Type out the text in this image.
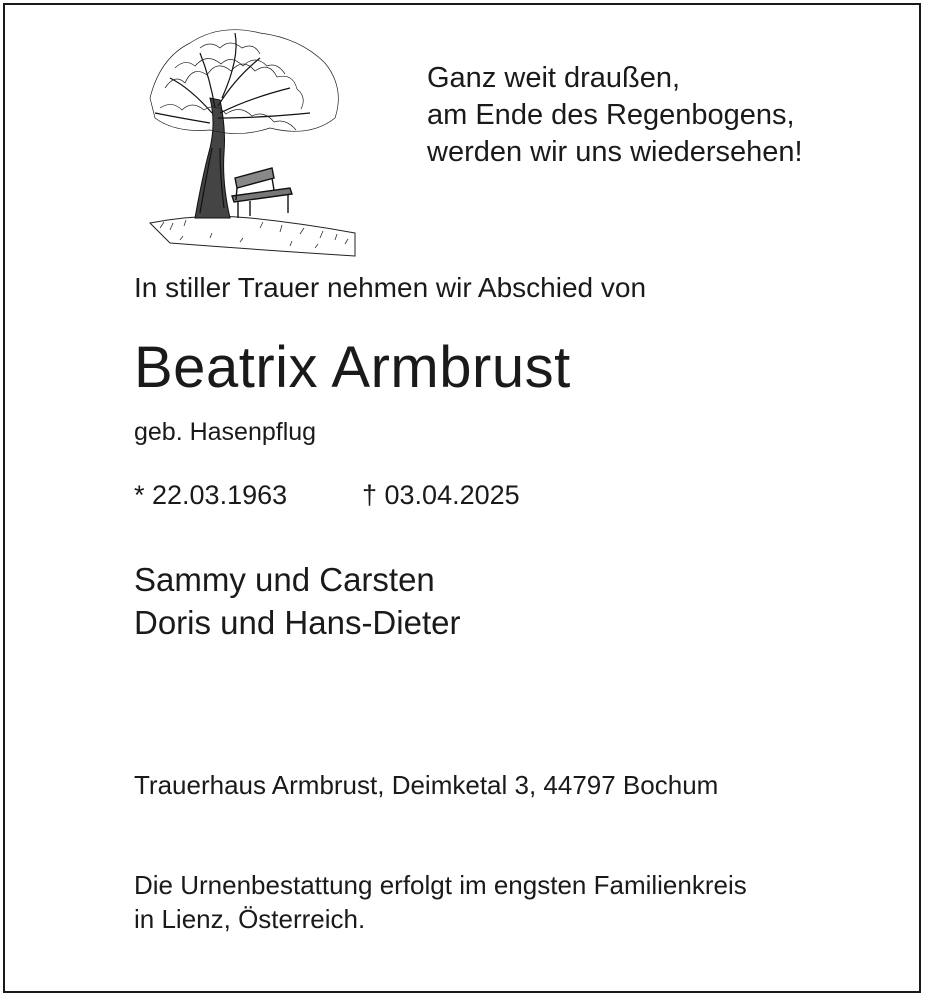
Ganz weit draußen,
am Ende des Regenbogens,
werden wir uns wiedersehen!
In stiller Trauer nehmen wir Abschied von
Beatrix Armbrust
geb. Hasenpflug
* 22.03.1963	† 03.04.2025
Sammy und Carsten
Doris und Hans-Dieter
Trauerhaus Armbrust, Deimketal 3, 44797 Bochum
Die Urnenbestattung erfolgt im engsten Familienkreis
in Lienz, Österreich.
